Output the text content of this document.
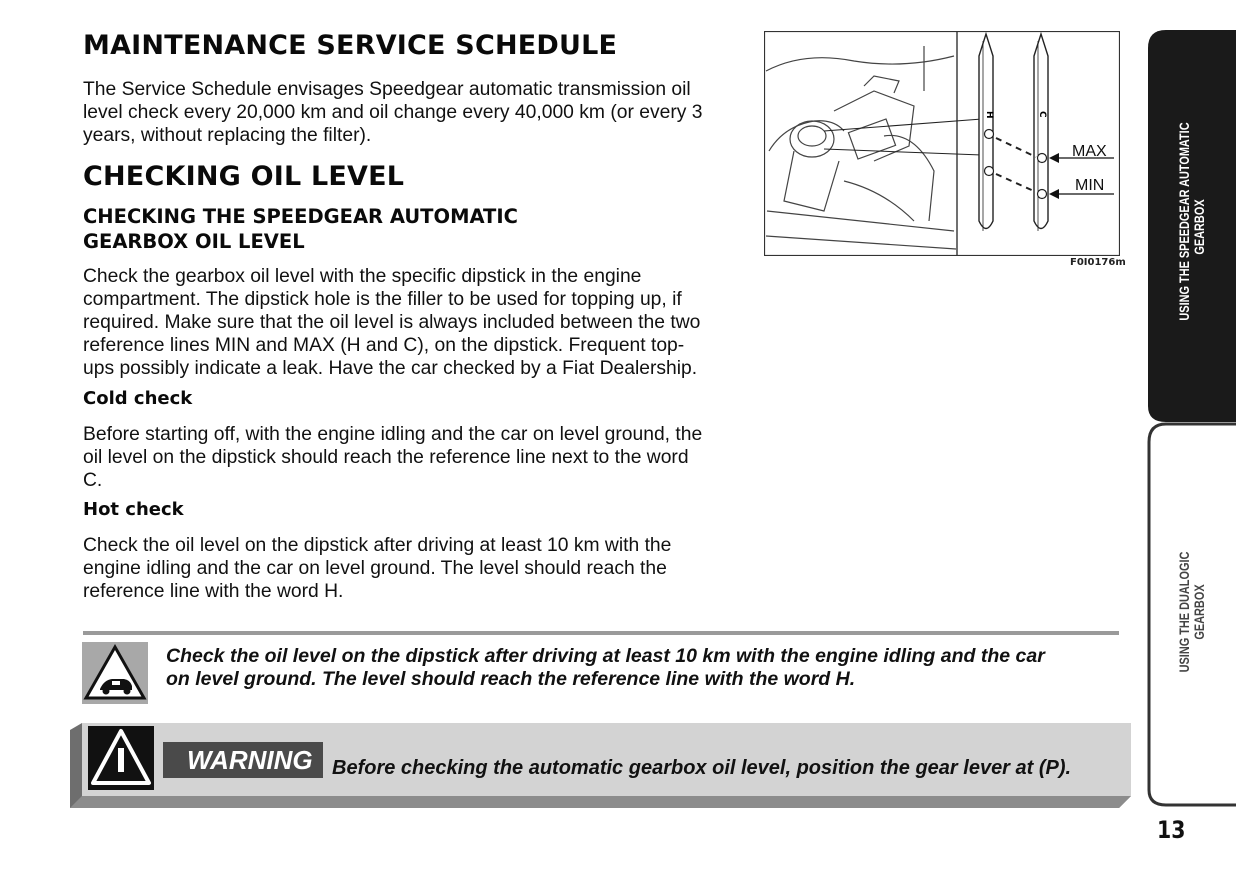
MAINTENANCE SERVICE SCHEDULE
The Service Schedule envisages Speedgear automatic transmission oil
level check every 20,000 km and oil change every 40,000 km (or every 3
years, without replacing the filter).
CHECKING OIL LEVEL
CHECKING THE SPEEDGEAR AUTOMATIC
GEARBOX OIL LEVEL
Check the gearbox oil level with the specific dipstick in the engine
compartment. The dipstick hole is the filler to be used for topping up, if
required. Make sure that the oil level is always included between the two
reference lines MIN and MAX (H and C), on the dipstick. Frequent top-
ups possibly indicate a leak. Have the car checked by a Fiat Dealership.
Cold check
Before starting off, with the engine idling and the car on level ground, the
oil level on the dipstick should reach the reference line next to the word
C.
Hot check
Check the oil level on the dipstick after driving at least 10 km with the
engine idling and the car on level ground. The level should reach the
reference line with the word H.
H	C
MAX
MIN
F0I0176m
Check the oil level on the dipstick after driving at least 10 km with the engine idling and the car
on level ground. The level should reach the reference line with the word H.
WARNING Before checking the automatic gearbox oil level, position the gear lever at (P).
USING THE SPEEDGEAR AUTOMATIC GEARBOX
USING THE DUALOGIC GEARBOX
13
